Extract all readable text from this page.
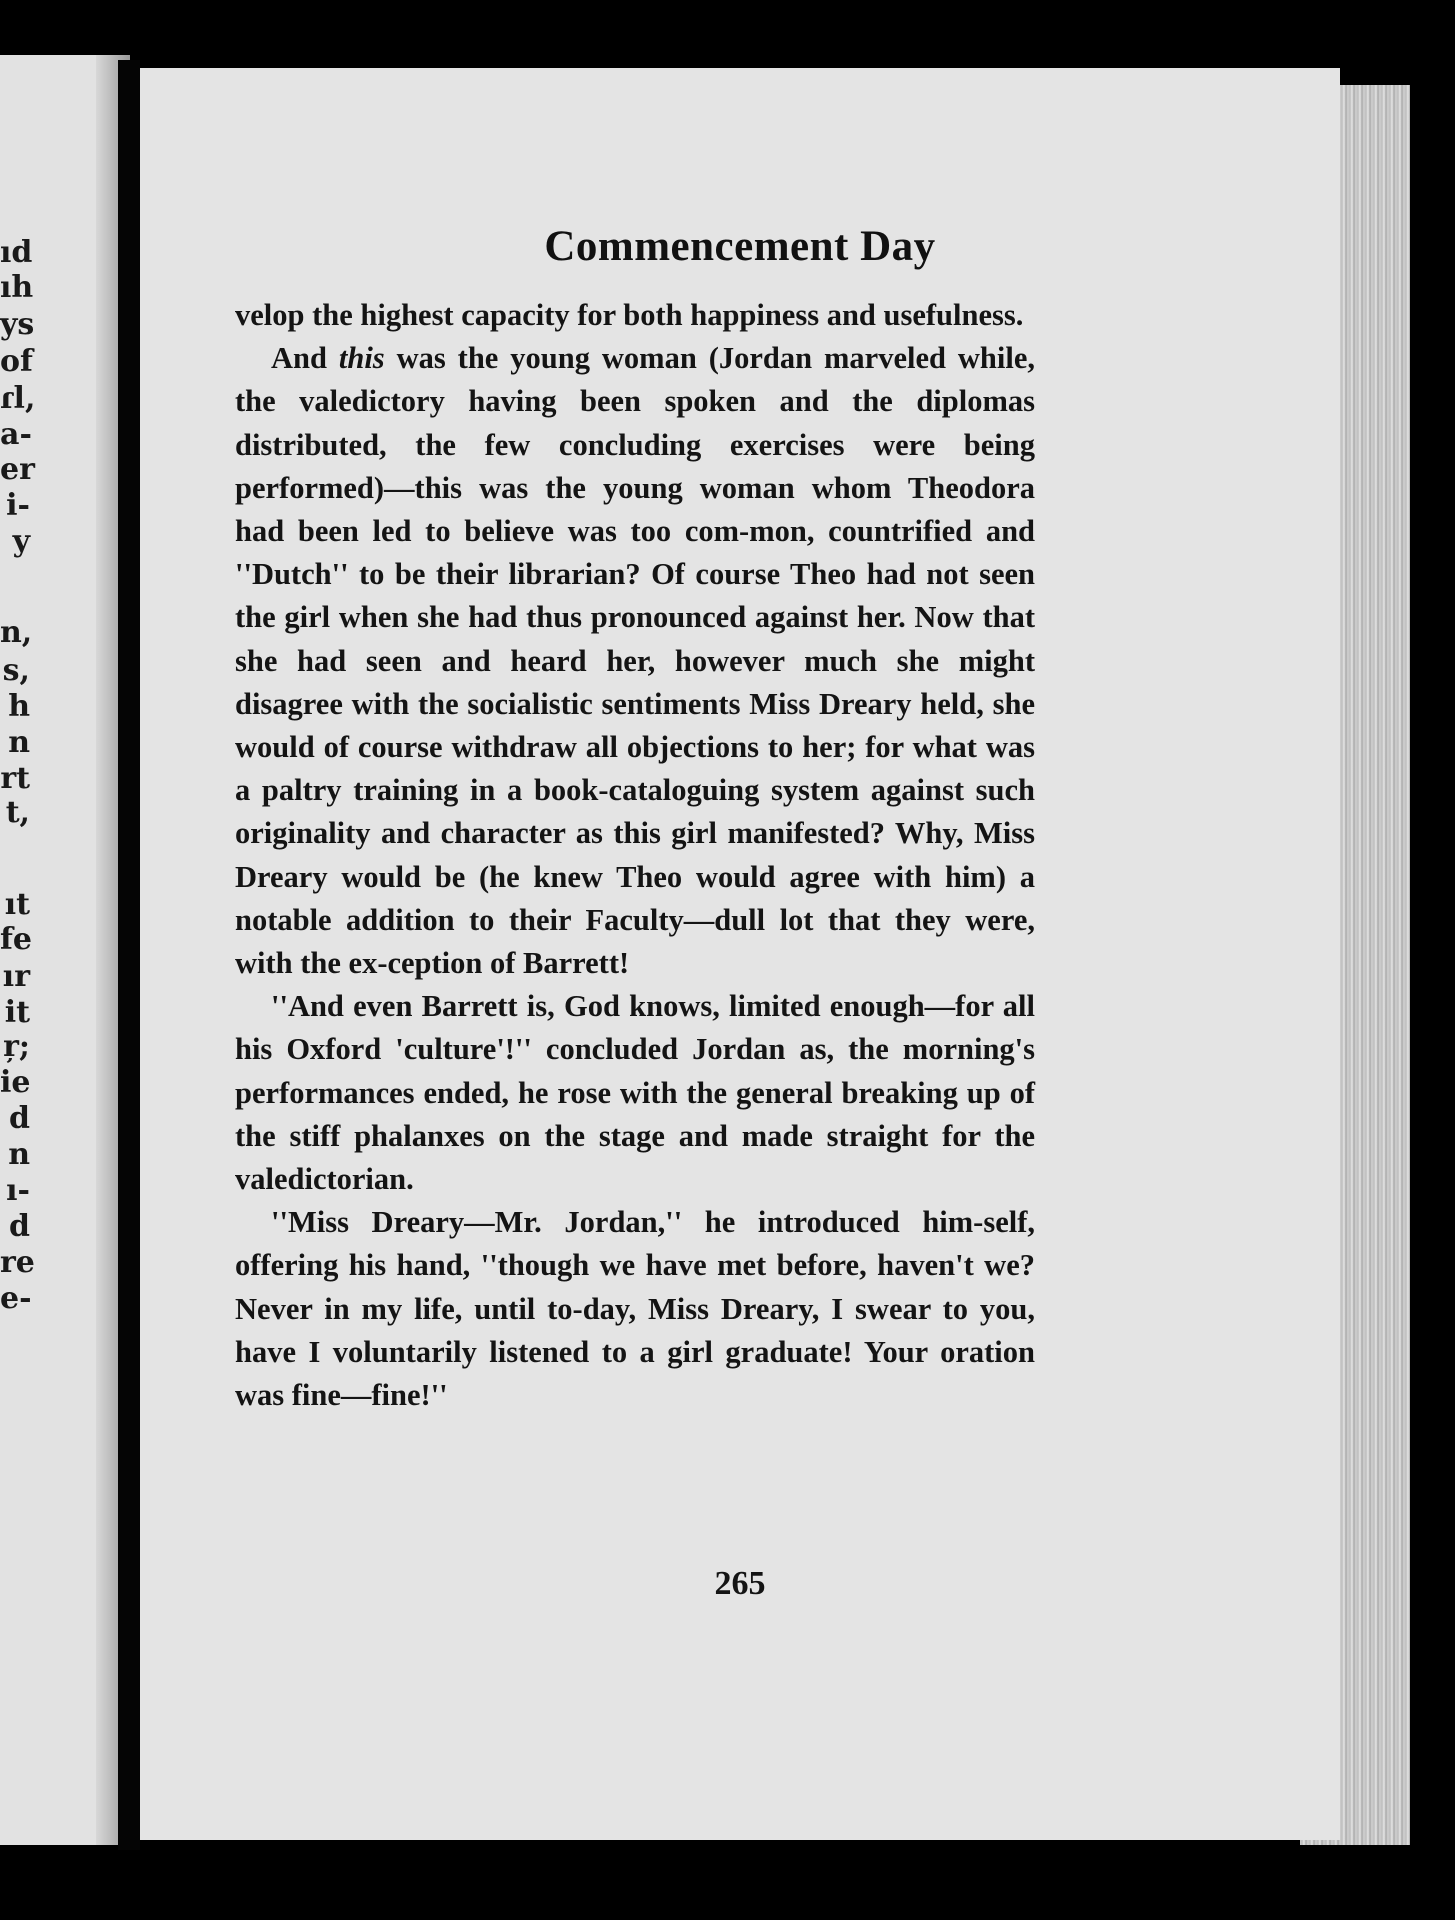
ıd
ıh
ys
of
ɾl,
a-
er
i-
y
n,
s,
h
n
rt
t,
ıt
fe
ır
it
ŗ;
ie
d
n
ı-
d
re
e-
Commencement Day

velop the highest capacity for both happiness and usefulness.

And this was the young woman (Jordan marveled while, the valedictory having been spoken and the diplomas distributed, the few concluding exercises were being performed)—this was the young woman whom Theodora had been led to believe was too com-mon, countrified and ''Dutch'' to be their librarian? Of course Theo had not seen the girl when she had thus pronounced against her. Now that she had seen and heard her, however much she might disagree with the socialistic sentiments Miss Dreary held, she would of course withdraw all objections to her; for what was a paltry training in a book-cataloguing system against such originality and character as this girl manifested? Why, Miss Dreary would be (he knew Theo would agree with him) a notable addition to their Faculty—dull lot that they were, with the ex-ception of Barrett!

''And even Barrett is, God knows, limited enough—for all his Oxford 'culture'!'' concluded Jordan as, the morning's performances ended, he rose with the general breaking up of the stiff phalanxes on the stage and made straight for the valedictorian.

''Miss Dreary—Mr. Jordan,'' he introduced him-self, offering his hand, ''though we have met before, haven't we? Never in my life, until to-day, Miss Dreary, I swear to you, have I voluntarily listened to a girl graduate! Your oration was fine—fine!''

265
